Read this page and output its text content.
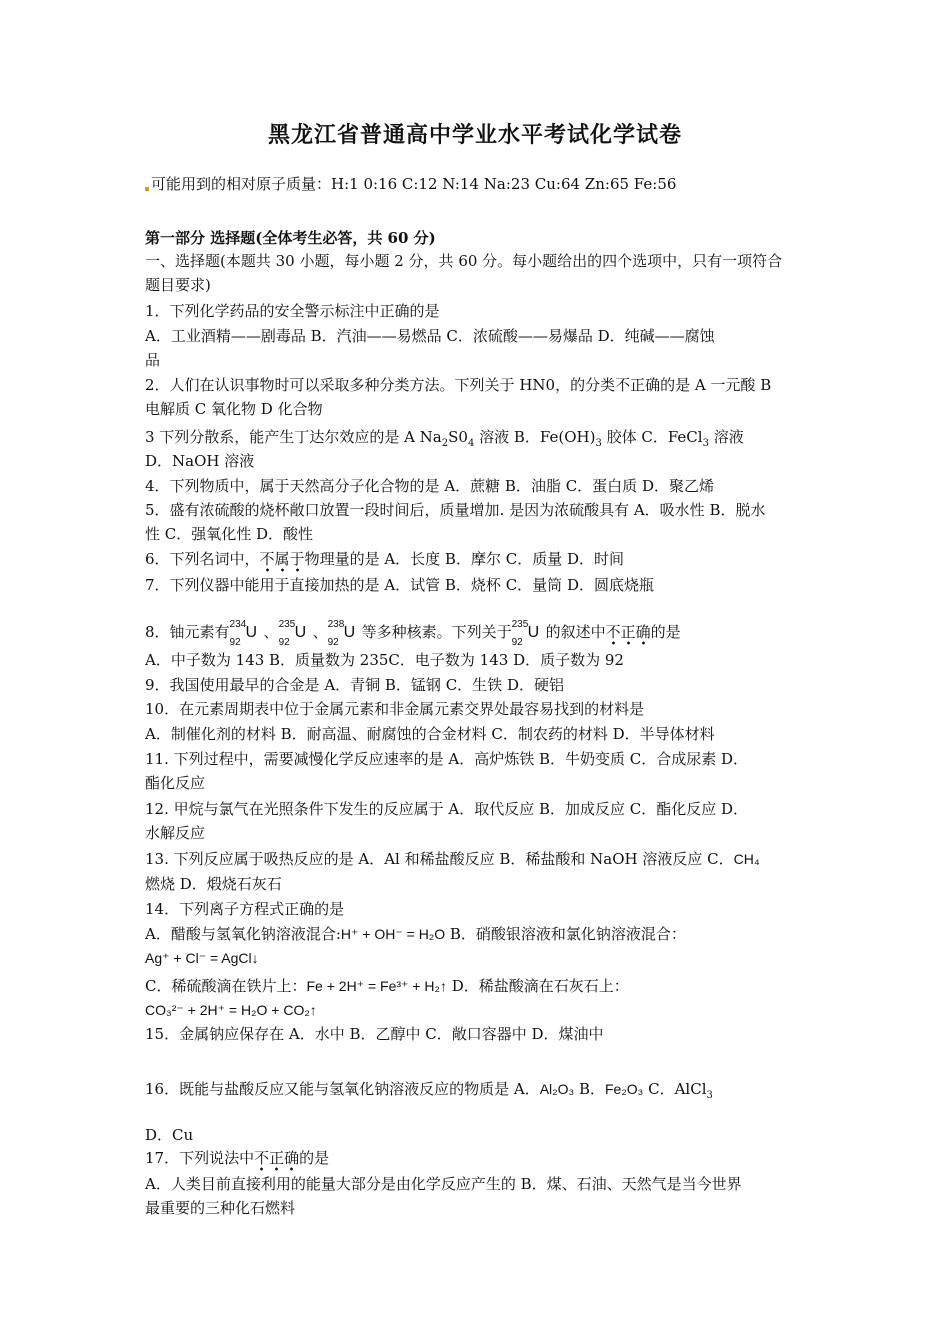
黑龙江省普通高中学业水平考试化学试卷
可能用到的相对原子质量：H:1 0:16 C:12 N:14 Na:23 Cu:64 Zn:65 Fe:56
第一部分 选择题(全体考生必答，共 60 分)
一、选择题(本题共 30 小题，每小题 2 分，共 60 分。每小题给出的四个选项中，只有一项符合
题目要求)
1．下列化学药品的安全警示标注中正确的是
A．工业酒精——剧毒品 B．汽油——易燃品 C．浓硫酸——易爆品 D．纯碱——腐蚀
品
2．人们在认识事物时可以采取多种分类方法。下列关于 HN0，的分类不正确的是 A 一元酸 B
电解质 C 氧化物 D 化合物
3 下列分散系，能产生丁达尔效应的是 A $Na_2S0_4$ 溶液 B．$Fe(OH)_3$ 胶体 C．FeCl$_3$ 溶液
D．NaOH 溶液
4．下列物质中，属于天然高分子化合物的是 A．蔗糖 B．油脂 C．蛋白质 D．聚乙烯
5．盛有浓硫酸的烧杯敞口放置一段时间后，质量增加. 是因为浓硫酸具有 A．吸水性 B．脱水
性 C．强氧化性 D．酸性
6．下列名词中，不属于物理量的是 A．长度 B．摩尔 C．质量 D．时间
7．下列仪器中能用于直接加热的是 A．试管 B．烧杯 C．量筒 D．圆底烧瓶
8．铀元素有 234
92
U 、 235
92
U 、 238
92
U 等多种核素。下列关于 235
92
U 的叙述中不正确的是
A．中子数为 143 B．质量数为 235C．电子数为 143 D．质子数为 92
9．我国使用最早的合金是 A．青铜 B．锰钢 C．生铁 D．硬铝
10．在元素周期表中位于金属元素和非金属元素交界处最容易找到的材料是
A．制催化剂的材料 B．耐高温、耐腐蚀的合金材料 C．制农药的材料 D．半导体材料
11. 下列过程中，需要减慢化学反应速率的是 A．高炉炼铁 B．牛奶变质 C．合成尿素 D．
酯化反应
12. 甲烷与氯气在光照条件下发生的反应属于 A．取代反应 B．加成反应 C．酯化反应 D．
水解反应
13. 下列反应属于吸热反应的是 A．Al 和稀盐酸反应 B．稀盐酸和 NaOH 溶液反应 C．CH₄
燃烧 D．煅烧石灰石
14．下列离子方程式正确的是
A．醋酸与氢氧化钠溶液混合:H⁺ + OH⁻ = H₂O B．硝酸银溶液和氯化钠溶液混合：
Ag⁺ + Cl⁻ = AgCl↓
C．稀硫酸滴在铁片上：Fe + 2H⁺ = Fe³⁺ + H₂↑ D．稀盐酸滴在石灰石上：
CO₃²⁻ + 2H⁺ = H₂O + CO₂↑
15．金属钠应保存在 A．水中 B．乙醇中 C．敞口容器中 D．煤油中
16．既能与盐酸反应又能与氢氧化钠溶液反应的物质是 A．Al₂O₃ B．Fe₂O₃ C．AlCl$_3$
D．Cu
17．下列说法中不正确的是
A．人类目前直接利用的能量大部分是由化学反应产生的 B．煤、石油、天然气是当今世界
最重要的三种化石燃料
